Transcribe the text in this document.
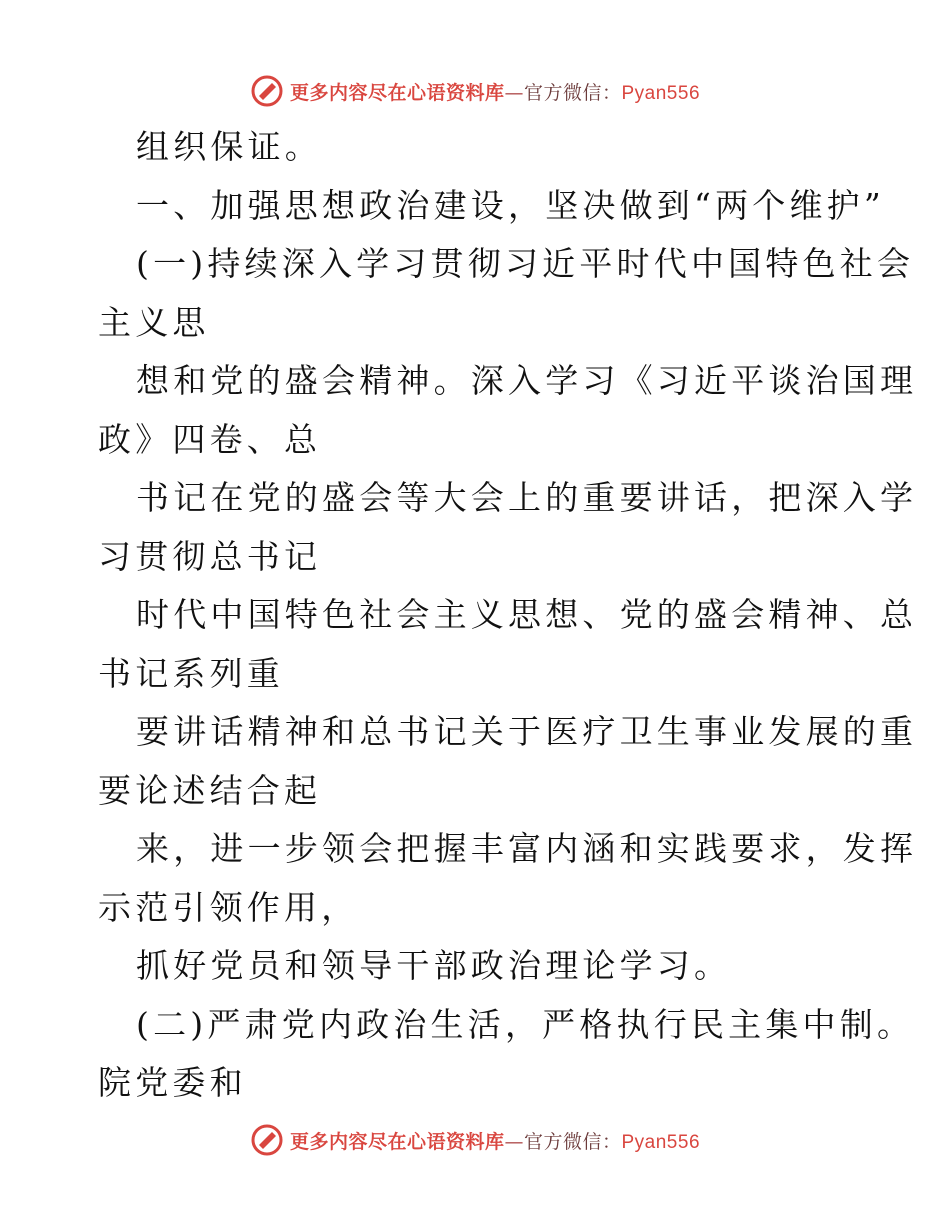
更多内容尽在心语资料库—官方微信：Pyan556
组织保证。
一、加强思想政治建设，坚决做到“两个维护”
(一)持续深入学习贯彻习近平时代中国特色社会
主义思
想和党的盛会精神。深入学习《习近平谈治国理
政》四卷、总
书记在党的盛会等大会上的重要讲话，把深入学
习贯彻总书记
时代中国特色社会主义思想、党的盛会精神、总
书记系列重
要讲话精神和总书记关于医疗卫生事业发展的重
要论述结合起
来，进一步领会把握丰富内涵和实践要求，发挥
示范引领作用，
抓好党员和领导干部政治理论学习。
(二)严肃党内政治生活，严格执行民主集中制。
院党委和
更多内容尽在心语资料库—官方微信：Pyan556
